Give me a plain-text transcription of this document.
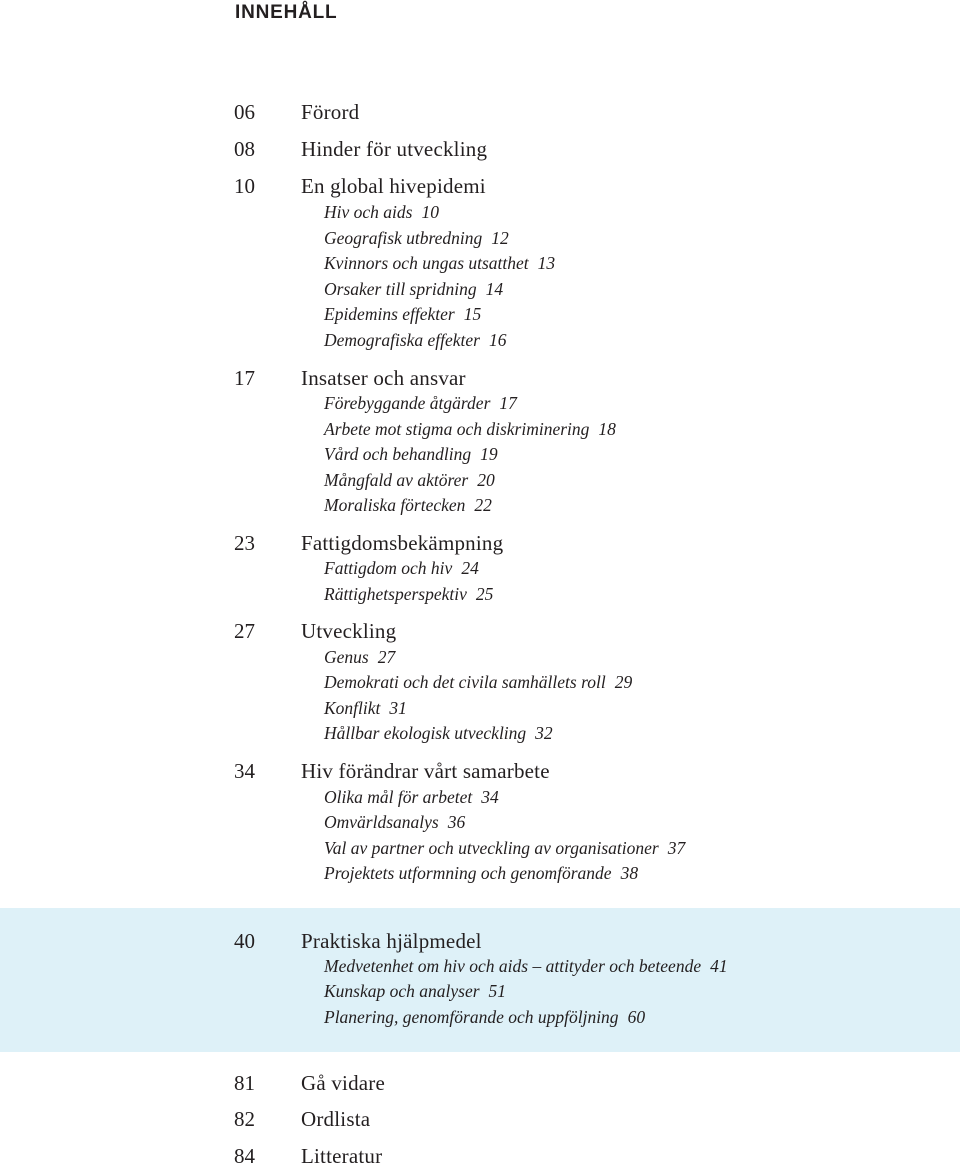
INNEHÅLL
06 Förord
08 Hinder för utveckling
10 En global hivepidemi
Hiv och aids 10
Geografisk utbredning 12
Kvinnors och ungas utsatthet 13
Orsaker till spridning 14
Epidemins effekter 15
Demografiska effekter 16
17 Insatser och ansvar
Förebyggande åtgärder 17
Arbete mot stigma och diskriminering 18
Vård och behandling 19
Mångfald av aktörer 20
Moraliska förtecken 22
23 Fattigdomsbekämpning
Fattigdom och hiv 24
Rättighetsperspektiv 25
27 Utveckling
Genus 27
Demokrati och det civila samhällets roll 29
Konflikt 31
Hållbar ekologisk utveckling 32
34 Hiv förändrar vårt samarbete
Olika mål för arbetet 34
Omvärldsanalys 36
Val av partner och utveckling av organisationer 37
Projektets utformning och genomförande 38
40 Praktiska hjälpmedel
Medvetenhet om hiv och aids – attityder och beteende 41
Kunskap och analyser 51
Planering, genomförande och uppföljning 60
81 Gå vidare
82 Ordlista
84 Litteratur
